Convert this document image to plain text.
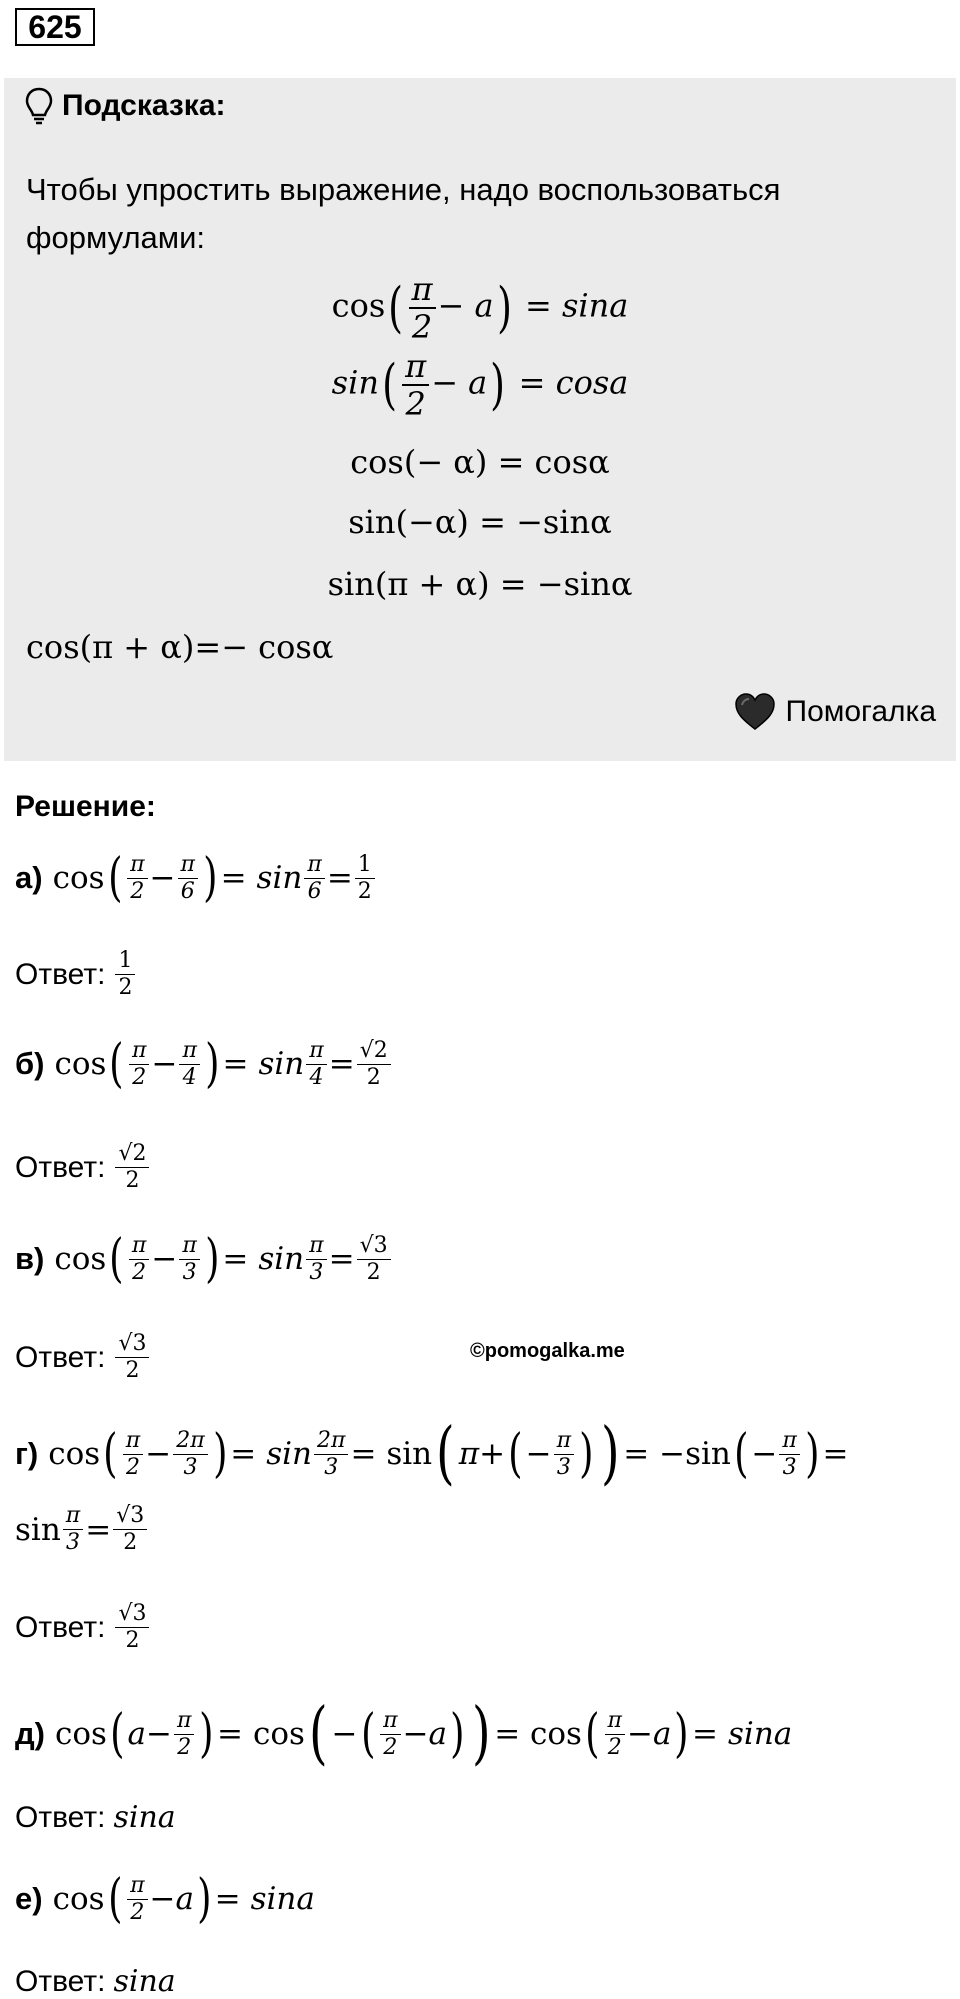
625
Подсказка:
Чтобы упростить выражение, надо воспользоваться формулами:
$\cos( \frac{\pi}{2} - a) = \sin a$
$\sin( \frac{\pi}{2} - a) = \cos a$
cos(− α) = cosα
sin(−α) = −sinα
sin(π + α) = −sinα
cos(π + α)=− cosα
Помогалка
Решение:
а) cos ( $\frac{\pi}{2} - \frac{\pi}{6}$ ) = $\sin \frac{\pi}{6} = \frac{1}{2}$
Ответ: $\frac{1}{2}$
б) cos ( $\frac{\pi}{2} - \frac{\pi}{4}$ ) = $\sin \frac{\pi}{4} = \frac{√2}{2}$
Ответ: $\frac{√2}{2}$
в) cos ( $\frac{\pi}{2} - \frac{\pi}{3}$ ) = $\sin \frac{\pi}{3} = \frac{√3}{2}$
Ответ: $\frac{√3}{2}$	©pomogalka.me
г) cos ( $\frac{\pi}{2} - \frac{2\pi}{3}$ ) = $\sin \frac{2\pi}{3} = \sin$ ( π + ( − $\frac{\pi}{3}$ ) ) = −sin ( − $\frac{\pi}{3}$ ) =
$\sin \frac{\pi}{3} = \frac{√3}{2}$
Ответ: $\frac{√3}{2}$
д) cos ( $a - \frac{\pi}{2}$ ) = cos ( − ( $\frac{\pi}{2} - a$ ) ) = cos ( $\frac{\pi}{2} - a$ ) = sina
Ответ: sina
е) cos ( $\frac{\pi}{2} - a$ ) = sina
Ответ: sina
